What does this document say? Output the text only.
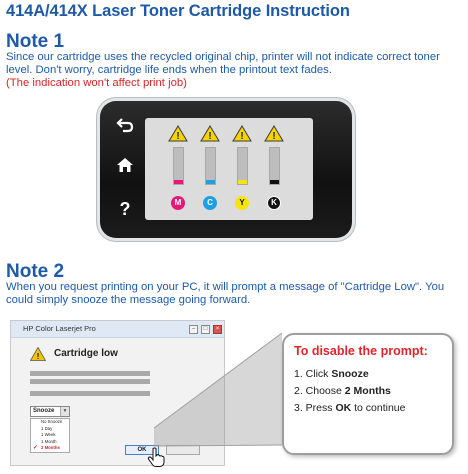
414A/414X Laser Toner Cartridge Instruction
Note 1
Since our cartridge uses the recycled original chip, printer will not indicate correct toner level. Don't worry, cartridge life ends when the printout text fades.
(The indication won't affect print job)
?
!
M
!
C
!
Y
!
K
Note 2
When you request printing on your PC, it will prompt a message of "Cartridge Low". You could simply snooze the message going forward.
HP Color Laserjet Pro	–	□	×
! Cartridge low
Snooze	▼
No Snooze
1 Day
1 Week
1 Month
✓ 2 Months	OK
To disable the prompt:
1. Click Snooze
2. Choose 2 Months
3. Press OK to continue
